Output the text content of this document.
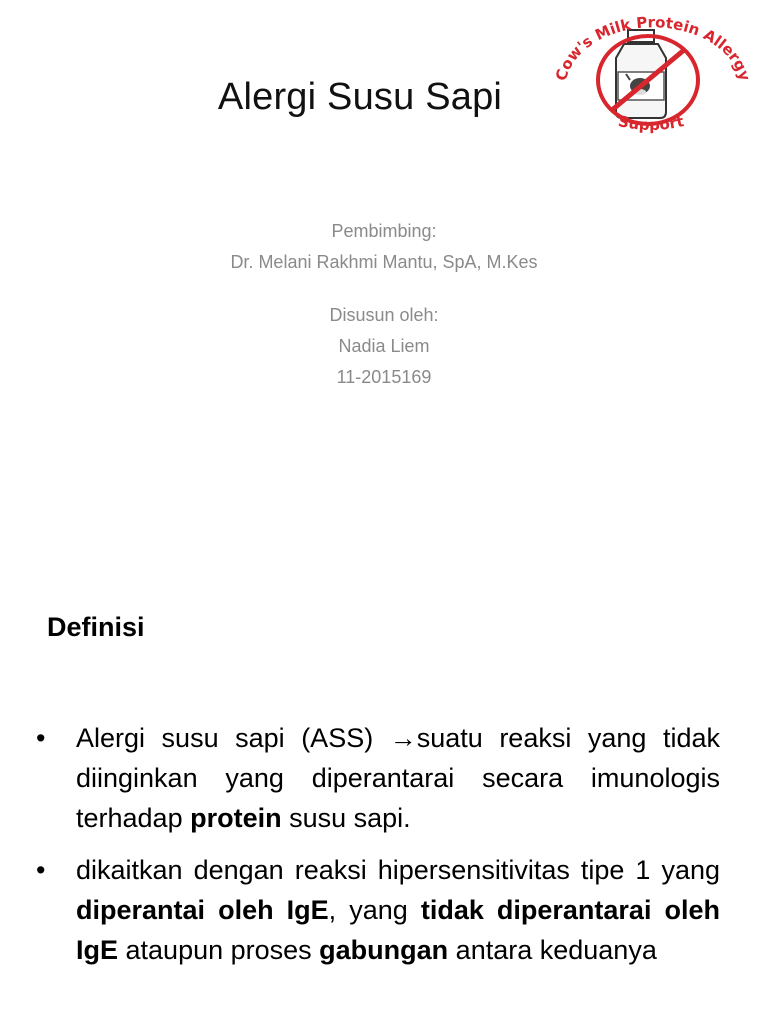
Alergi Susu Sapi
Cow's Milk Protein Allergy
Support
Pembimbing:
Dr. Melani Rakhmi Mantu, SpA, M.Kes
Disusun oleh:
Nadia Liem
11-2015169
Definisi
• Alergi susu sapi (ASS) →suatu reaksi yang tidak diinginkan yang diperantarai secara imunologis terhadap protein susu sapi.
• dikaitkan dengan reaksi hipersensitivitas tipe 1 yang diperantai oleh IgE, yang tidak diperantarai oleh IgE ataupun proses gabungan antara keduanya
